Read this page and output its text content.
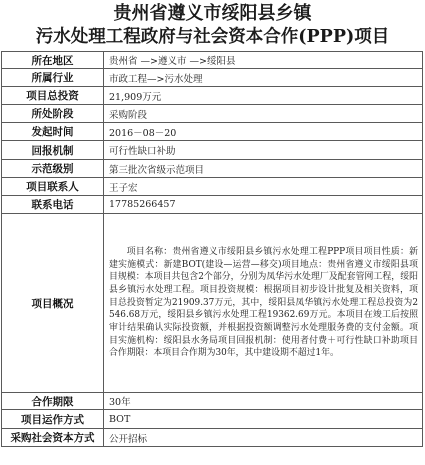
贵州省遵义市绥阳县乡镇
污水处理工程政府与社会资本合作(PPP)项目
所在地区	贵州省 —>遵义市 —>绥阳县
所属行业	市政工程—>污水处理
项目总投资	21,909万元
所处阶段	采购阶段
发起时间	2016－08－20
回报机制	可行性缺口补助
示范级别	第三批次省级示范项目
项目联系人	王子宏
联系电话	17785266457
项目概况	项目名称：贵州省遵义市绥阳县乡镇污水处理工程PPP项目项目性质：新建实施模式：新建BOT(建设—运营—移交)项目地点：贵州省遵义市绥阳县项目规模：本项目共包含2个部分，分别为凤华污水处理厂及配套管网工程，绥阳县乡镇污水处理工程。项目投资规模：根据项目初步设计批复及相关资料，项目总投资暂定为21909.37万元，其中，绥阳县凤华镇污水处理工程总投资为2546.68万元，绥阳县乡镇污水处理工程19362.69万元。本项目在竣工后按照审计结果确认实际投资额，并根据投资额调整污水处理服务费的支付金额。项目实施机构：绥阳县水务局项目回报机制：使用者付费＋可行性缺口补助项目合作期限：本项目合作期为30年，其中建设期不超过1年。

合作期限	30年
项目运作方式	BOT
采购社会资本方式	公开招标
